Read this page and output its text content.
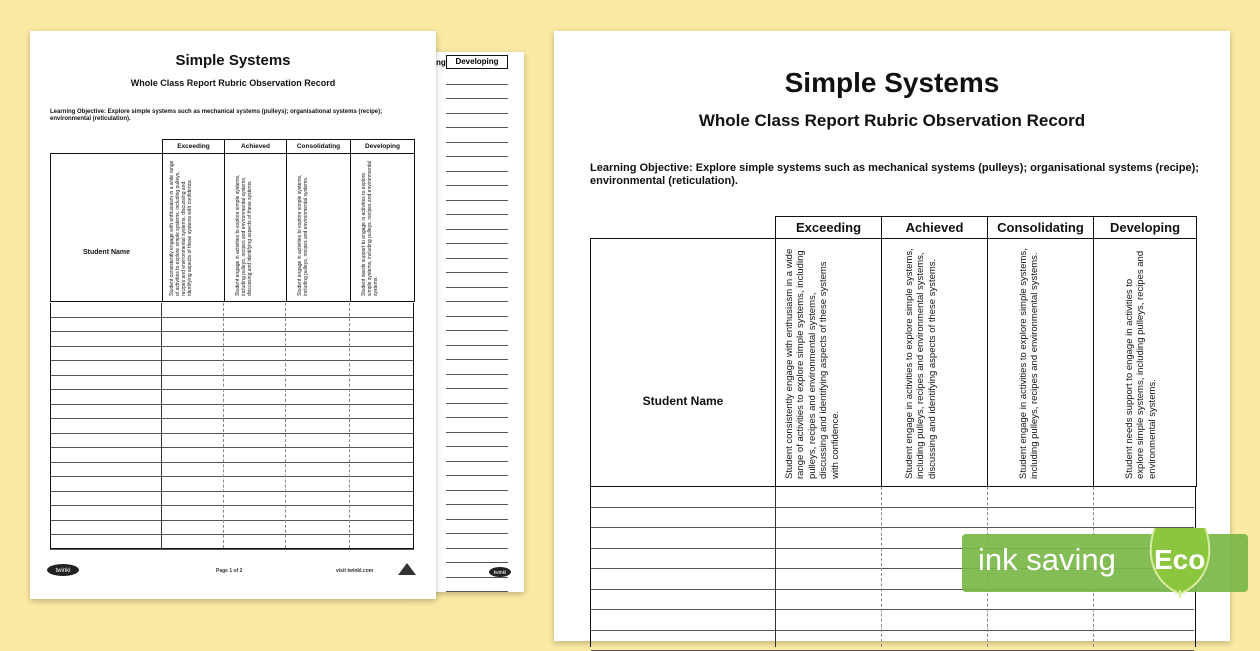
ng	Developing
twinkl
Simple Systems
Whole Class Report Rubric Observation Record
Learning Objective: Explore simple systems such as mechanical systems (pulleys); organisational systems (recipe); environmental (reticulation).
	Exceeding	Achieved	Consolidating	Developing

Student Name	Student consistently engage with enthusiasm in a wide range of activities to explore simple systems, including pulleys, recipes and environmental systems, discussing and identifying aspects of these systems with confidence.	Student engage in activities to explore simple systems, including pulleys, recipes and environmental systems, discussing and identifying aspects of these systems.	Student engage in activities to explore simple systems, including pulleys, recipes and environmental systems.	Student needs support to engage in activities to explore simple systems, including pulleys, recipes and environmental systems.
twinkl	Page 1 of 2	visit twinkl.com
Simple Systems
Whole Class Report Rubric Observation Record
Learning Objective: Explore simple systems such as mechanical systems (pulleys); organisational systems (recipe); environmental (reticulation).
	Exceeding	Achieved	Consolidating	Developing

Student Name	Student consistently engage with enthusiasm in a wide range of activities to explore simple systems, including pulleys, recipes and environmental systems, discussing and identifying aspects of these systems with confidence.	Student engage in activities to explore simple systems, including pulleys, recipes and environmental systems, discussing and identifying aspects of these systems.	Student engage in activities to explore simple systems, including pulleys, recipes and environmental systems.	Student needs support to engage in activities to explore simple systems, including pulleys, recipes and environmental systems.
ink saving Eco
